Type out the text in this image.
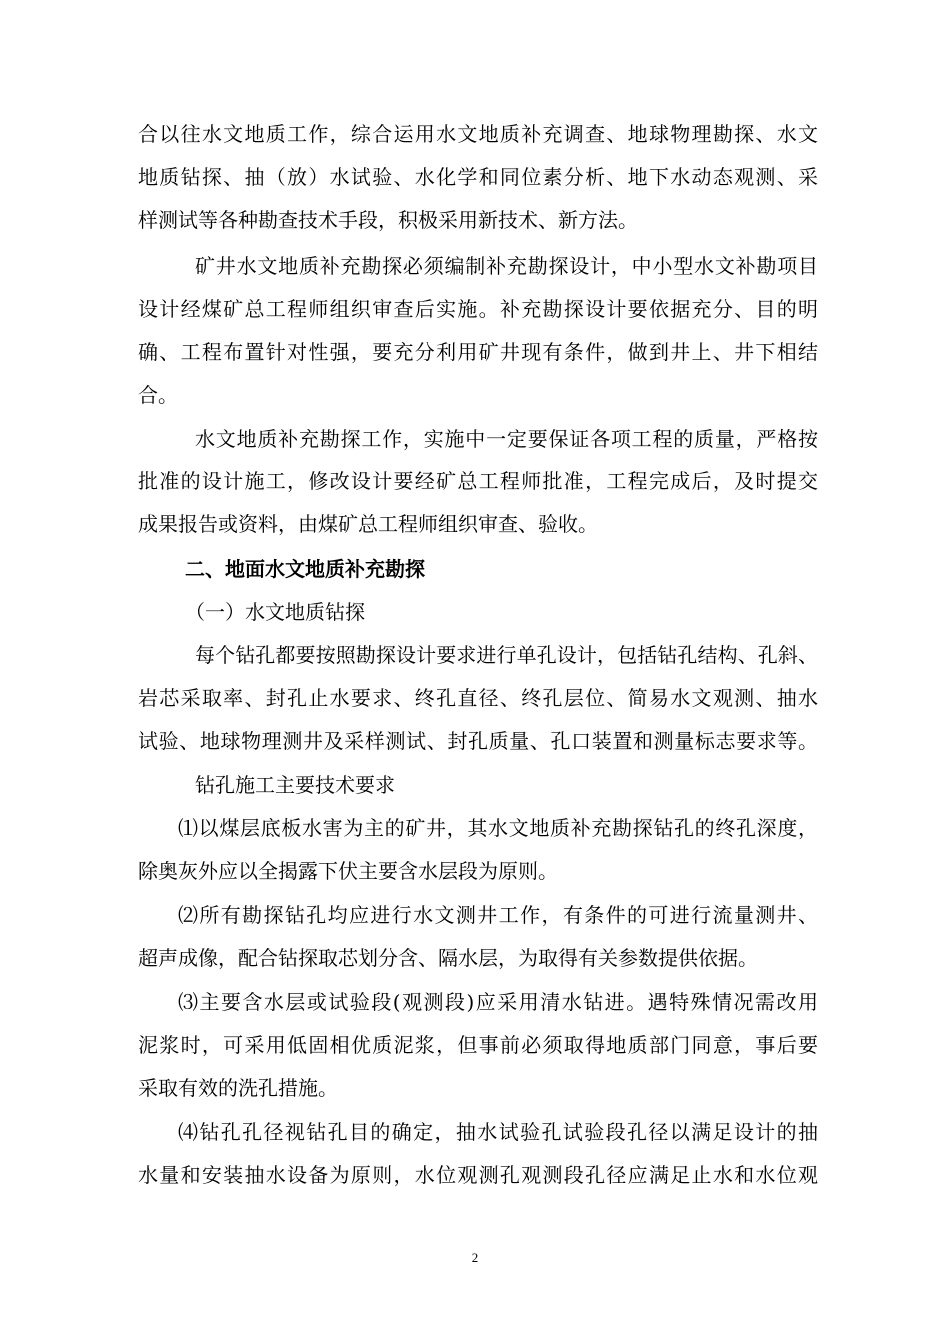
合以往水文地质工作，综合运用水文地质补充调查、地球物理勘探、水文
地质钻探、抽（放）水试验、水化学和同位素分析、地下水动态观测、采
样测试等各种勘查技术手段，积极采用新技术、新方法。
矿井水文地质补充勘探必须编制补充勘探设计，中小型水文补勘项目
设计经煤矿总工程师组织审查后实施。补充勘探设计要依据充分、目的明
确、工程布置针对性强，要充分利用矿井现有条件，做到井上、井下相结
合。
水文地质补充勘探工作，实施中一定要保证各项工程的质量，严格按
批准的设计施工，修改设计要经矿总工程师批准，工程完成后，及时提交
成果报告或资料，由煤矿总工程师组织审查、验收。
二、地面水文地质补充勘探
（一）水文地质钻探
每个钻孔都要按照勘探设计要求进行单孔设计，包括钻孔结构、孔斜、
岩芯采取率、封孔止水要求、终孔直径、终孔层位、简易水文观测、抽水
试验、地球物理测井及采样测试、封孔质量、孔口装置和测量标志要求等。
钻孔施工主要技术要求
⑴以煤层底板水害为主的矿井，其水文地质补充勘探钻孔的终孔深度，
除奥灰外应以全揭露下伏主要含水层段为原则。
⑵所有勘探钻孔均应进行水文测井工作，有条件的可进行流量测井、
超声成像，配合钻探取芯划分含、隔水层，为取得有关参数提供依据。
⑶主要含水层或试验段(观测段)应采用清水钻进。遇特殊情况需改用
泥浆时，可采用低固相优质泥浆，但事前必须取得地质部门同意，事后要
采取有效的洗孔措施。
⑷钻孔孔径视钻孔目的确定，抽水试验孔试验段孔径以满足设计的抽
水量和安装抽水设备为原则，水位观测孔观测段孔径应满足止水和水位观
2
